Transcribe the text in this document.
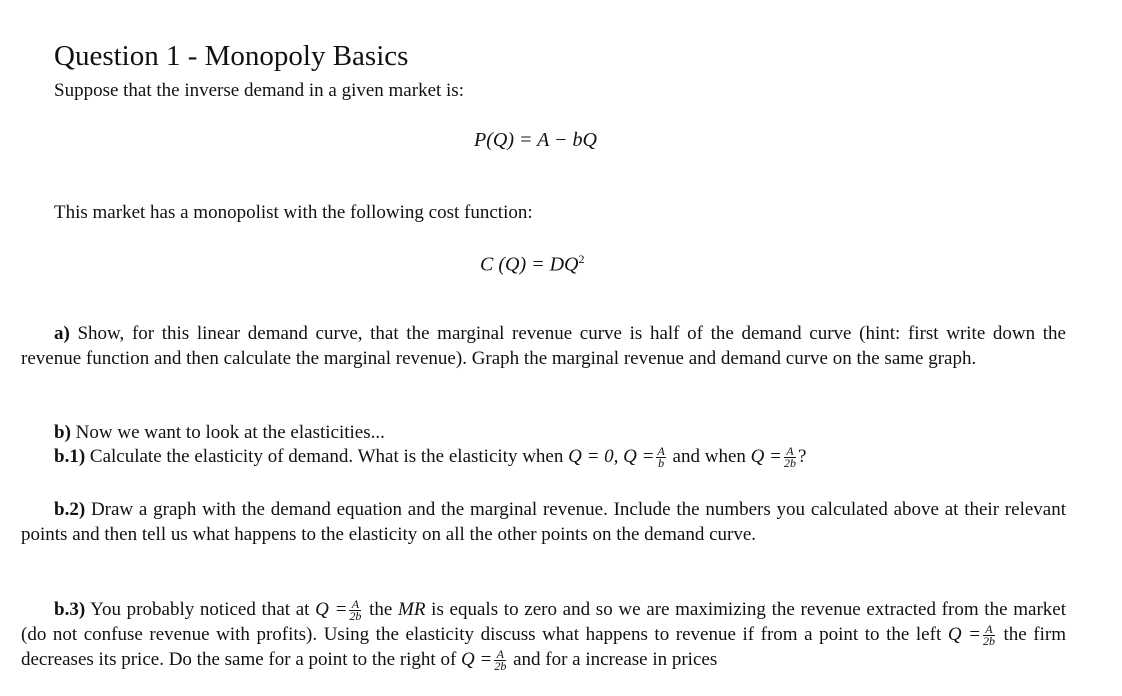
Question 1 - Monopoly Basics
Suppose that the inverse demand in a given market is:
P(Q) = A − bQ
This market has a monopolist with the following cost function:
C $(Q) = DQ^2$
a) Show, for this linear demand curve, that the marginal revenue curve is half of the demand curve (hint: first write down the revenue function and then calculate the marginal revenue). Graph the marginal revenue and demand curve on the same graph.
b) Now we want to look at the elasticities...
b.1) Calculate the elasticity of demand. What is the elasticity when Q = 0, $Q = \frac{A}{b}$ and when $Q = \frac{A}{2b}$ ?
b.2) Draw a graph with the demand equation and the marginal revenue. Include the numbers you calculated above at their relevant points and then tell us what happens to the elasticity on all the other points on the demand curve.
b.3) You probably noticed that at $Q = \frac{A}{2b}$ the MR is equals to zero and so we are maximizing the revenue extracted from the market (do not confuse revenue with profits). Using the elasticity discuss what happens to revenue if from a point to the left $Q = \frac{A}{2b}$ the firm decreases its price. Do the same for a point to the right of $Q = \frac{A}{2b}$ and for a increase in prices
